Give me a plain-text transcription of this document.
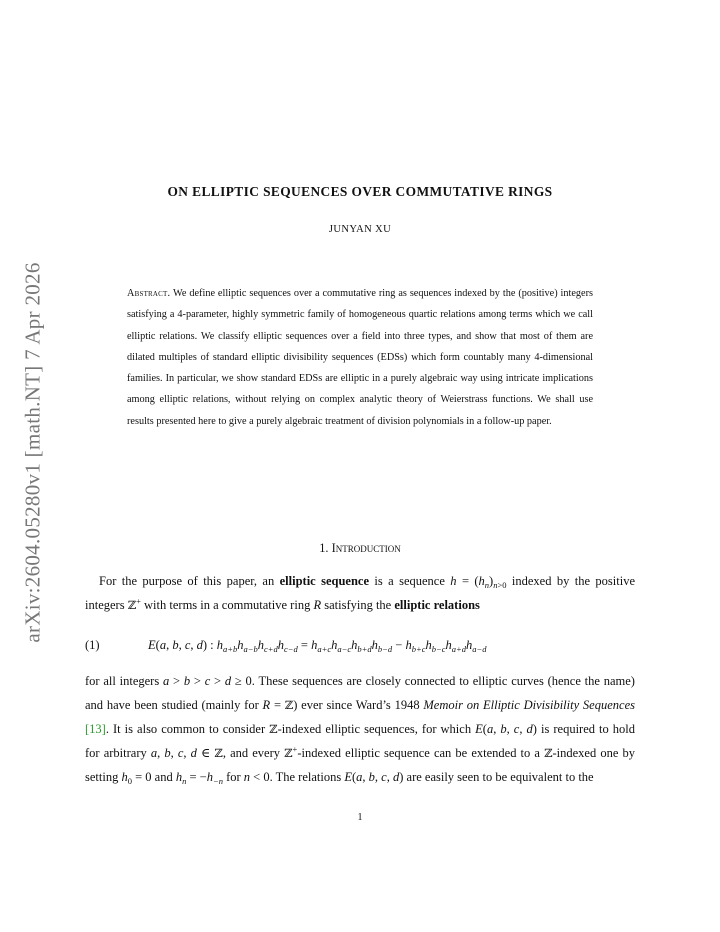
arXiv:2604.05280v1 [math.NT] 7 Apr 2026
ON ELLIPTIC SEQUENCES OVER COMMUTATIVE RINGS
JUNYAN XU
Abstract. We define elliptic sequences over a commutative ring as sequences indexed by the (positive) integers satisfying a 4-parameter, highly symmetric family of homogeneous quartic relations among terms which we call elliptic relations. We classify elliptic sequences over a field into three types, and show that most of them are dilated multiples of standard elliptic divisibility sequences (EDSs) which form countably many 4-dimensional families. In particular, we show standard EDSs are elliptic in a purely algebraic way using intricate implications among elliptic relations, without relying on complex analytic theory of Weierstrass functions. We shall use results presented here to give a purely algebraic treatment of division polynomials in a follow-up paper.
1. Introduction
For the purpose of this paper, an elliptic sequence is a sequence $h = (h_n)_{n>0}$ indexed by the positive integers ℤ+ with terms in a commutative ring R satisfying the elliptic relations
(1)	E(a, b, c, d) : $h_{a+b}h_{a-b}h_{c+d}h_{c-d} = h_{a+c}h_{a-c}h_{b+d}h_{b-d} - h_{b+c}h_{b-c}h_{a+d}h_{a-d}$
for all integers a > b > c > d ≥ 0. These sequences are closely connected to elliptic curves (hence the name) and have been studied (mainly for R = ℤ) ever since Ward’s 1948 Memoir on Elliptic Divisibility Sequences [13]. It is also common to consider ℤ-indexed elliptic sequences, for which E(a, b, c, d) is required to hold for arbitrary a, b, c, d ∈ ℤ, and every ℤ+-indexed elliptic sequence can be extended to a ℤ-indexed one by setting $h_0 = 0$ and $h_n = -h_{-n}$ for n < 0. The relations E(a, b, c, d) are easily seen to be equivalent to the
1
